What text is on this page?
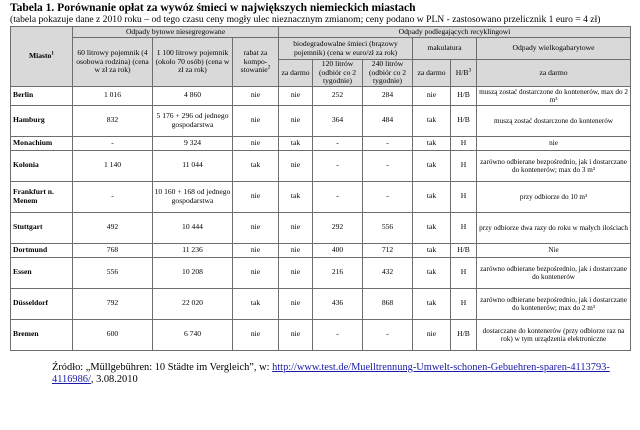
Tabela 1. Porównanie opłat za wywóz śmieci w największych niemieckich miastach
(tabela pokazuje dane z 2010 roku – od tego czasu ceny mogły ulec nieznacznym zmianom; ceny podano w PLN - zastosowano przelicznik 1 euro = 4 zł)
Miasto$^1$	Odpady bytowe niesegregowane			Odpady podlegających recyklingowi					
	60 litrowy pojemnik (4 osobowa rodzina) (cena w zł za rok)	1 100 litrowy pojemnik (około 70 osób) (cena w zł za rok)	rabat za kompo- stowanie$^2$	biodegradowalne śmieci (brązowy pojemnik) (cena w euro/zł za rok)			makulatura		Odpady wielkogabarytowe
				za darmo	120 litrów (odbiór co 2 tygodnie)	240 litrów (odbiór co 2 tygodnie)	za darmo	$H/B^3$	za darmo
Berlin	1 016	4 860	nie	nie	252	284	nie	H/B	muszą zostać dostarczone do kontenerów, max do 2 m³
Hamburg	832	5 176 + 296 od jednego gospodarstwa	nie	nie	364	484	tak	H/B	muszą zostać dostarczone do kontenerów
Monachium	-	9 324	nie	tak	-	-	tak	H	nie
Kolonia	1 140	11 044	tak	nie	-	-	tak	H	zarówno odbierane bezpośrednio, jak i dostarczane do kontenerów; max do 3 m³
Frankfurt n. Menem	-	10 160 + 168 od jednego gospodarstwa	nie	tak	-	-	tak	H	przy odbiorze do 10 m³
Stuttgart	492	10 444	nie	nie	292	556	tak	H	przy odbiorze dwa razy do roku w małych ilościach
Dortmund	768	11 236	nie	nie	400	712	tak	H/B	Nie
Essen	556	10 208	nie	nie	216	432	tak	H	zarówno odbierane bezpośrednio, jak i dostarczane do kontenerów
Düsseldorf	792	22 020	tak	nie	436	868	tak	H	zarówno odbierane bezpośrednio, jak i dostarczane do kontenerów; max do 2 m³
Bremen	600	6 740	nie	nie	-	-	nie	H/B	dostarczane do kontenerów (przy odbiorze raz na rok) w tym urządzenia elektroniczne
Źródło: „Müllgebühren: 10 Städte im Vergleich”, w: http://www.test.de/Muelltrennung-Umwelt-schonen-Gebuehren-sparen-4113793-4116986/, 3.08.2010
